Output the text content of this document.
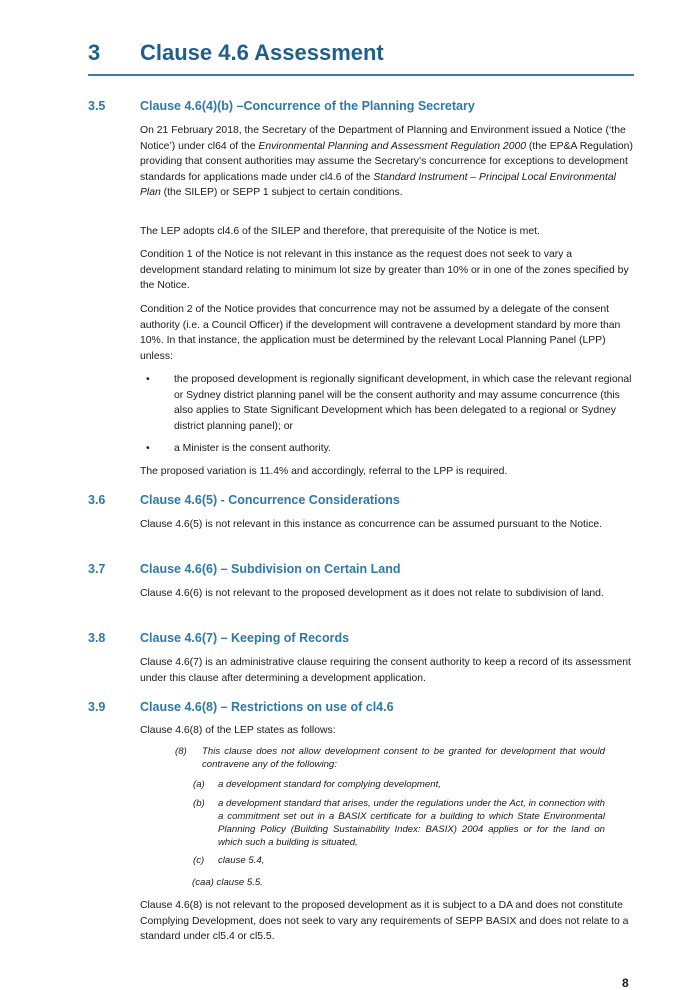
3 Clause 4.6 Assessment
3.5	Clause 4.6(4)(b) –Concurrence of the Planning Secretary

On 21 February 2018, the Secretary of the Department of Planning and Environment issued a Notice (‘the Notice’) under cl64 of the Environmental Planning and Assessment Regulation 2000 (the EP&A Regulation) providing that consent authorities may assume the Secretary’s concurrence for exceptions to development standards for applications made under cl4.6 of the Standard Instrument – Principal Local Environmental Plan (the SILEP) or SEPP 1 subject to certain conditions.

The LEP adopts cl4.6 of the SILEP and therefore, that prerequisite of the Notice is met.

Condition 1 of the Notice is not relevant in this instance as the request does not seek to vary a development standard relating to minimum lot size by greater than 10% or in one of the zones specified by the Notice.

Condition 2 of the Notice provides that concurrence may not be assumed by a delegate of the consent authority (i.e. a Council Officer) if the development will contravene a development standard by more than 10%. In that instance, the application must be determined by the relevant Local Planning Panel (LPP) unless:

• the proposed development is regionally significant development, in which case the relevant regional or Sydney district planning panel will be the consent authority and may assume concurrence (this also applies to State Significant Development which has been delegated to a regional or Sydney district planning panel); or
• a Minister is the consent authority.

The proposed variation is 11.4% and accordingly, referral to the LPP is required.

3.6	Clause 4.6(5) - Concurrence Considerations

Clause 4.6(5) is not relevant in this instance as concurrence can be assumed pursuant to the Notice.

3.7	Clause 4.6(6) – Subdivision on Certain Land

Clause 4.6(6) is not relevant to the proposed development as it does not relate to subdivision of land.

3.8	Clause 4.6(7) – Keeping of Records

Clause 4.6(7) is an administrative clause requiring the consent authority to keep a record of its assessment under this clause after determining a development application.

3.9	Clause 4.6(8) – Restrictions on use of cl4.6

Clause 4.6(8) of the LEP states as follows:

(8) This clause does not allow development consent to be granted for development that would contravene any of the following:
(a) a development standard for complying development,
(b) a development standard that arises, under the regulations under the Act, in connection with a commitment set out in a BASIX certificate for a building to which State Environmental Planning Policy (Building Sustainability Index: BASIX) 2004 applies or for the land on which such a building is situated,
(c) clause 5.4,
(caa) clause 5.5.

Clause 4.6(8) is not relevant to the proposed development as it is subject to a DA and does not constitute Complying Development, does not seek to vary any requirements of SEPP BASIX and does not relate to a standard under cl5.4 or cl5.5.

8
